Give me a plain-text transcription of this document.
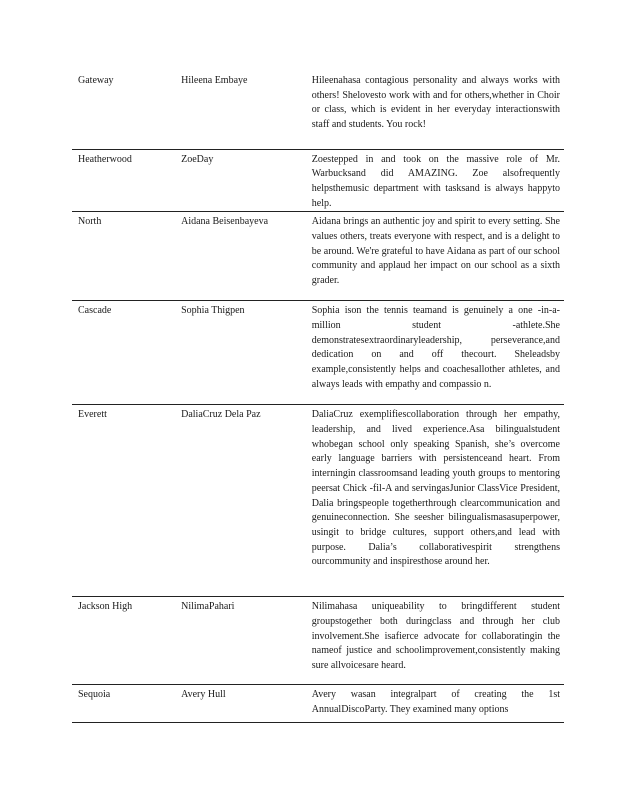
Gateway	Hileena Embaye	Hileenahasa contagious personality and always works with others! Shelovesto work with and for others,whether in Choir or class, which is evident in her everyday interactionswith staff and students. You rock!
Heatherwood	ZoeDay	Zoestepped in and took on the massive role of Mr. Warbucksand did AMAZING. Zoe alsofrequently helpsthemusic department with tasksand is always happyto help.
North	Aidana Beisenbayeva	Aidana brings an authentic joy and spirit to every setting. She values others, treats everyone with respect, and is a delight to be around. We're grateful to have Aidana as part of our school community and applaud her impact on our school as a sixth grader.
Cascade	Sophia Thigpen	Sophia ison the tennis teamand is genuinely a one -in-a-million student -athlete.She demonstratesextraordinaryleadership, perseverance,and dedication on and off thecourt. Sheleadsby example,consistently helps and coachesallother athletes, and always leads with empathy and compassio n.
Everett	DaliaCruz Dela Paz	DaliaCruz exemplifiescollaboration through her empathy, leadership, and lived experience.Asa bilingualstudent whobegan school only speaking Spanish, she’s overcome early language barriers with persistenceand heart. From interningin classroomsand leading youth groups to mentoring peersat Chick -fil-A and servingasJunior ClassVice President, Dalia bringspeople togetherthrough clearcommunication and genuineconnection. She seesher bilingualismasasuperpower, usingit to bridge cultures, support others,and lead with purpose. Dalia’s collaborativespirit strengthens ourcommunity and inspiresthose around her.
Jackson High	NilimaPahari	Nilimahasa uniqueability to bringdifferent student groupstogether both duringclass and through her club involvement.She isafierce advocate for collaboratingin the nameof justice and schoolimprovement,consistently making sure allvoicesare heard.
Sequoia	Avery Hull	Avery wasan integralpart of creating the 1st AnnualDiscoParty. They examined many options
